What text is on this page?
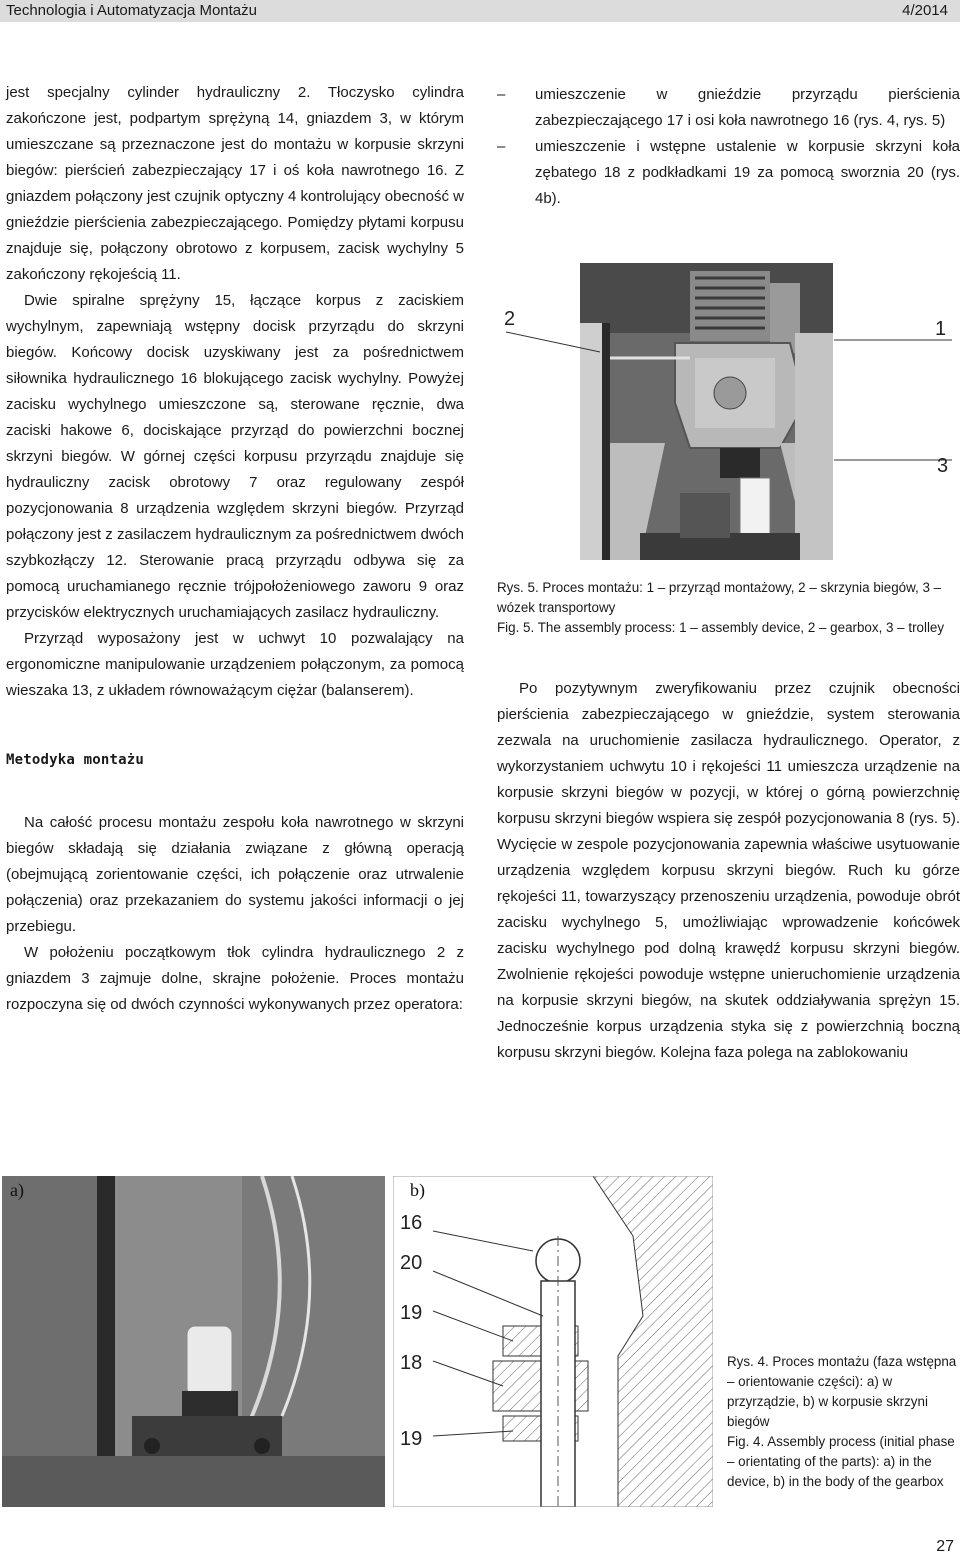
Technologia i Automatyzacja Montażu	4/2014

jest specjalny cylinder hydrauliczny 2. Tłoczysko cylindra zakończone jest, podpartym sprężyną 14, gniazdem 3, w którym umieszczane są przeznaczone jest do montażu w korpusie skrzyni biegów: pierścień zabezpieczający 17 i oś koła nawrotnego 16. Z gniazdem połączony jest czujnik optyczny 4 kontrolujący obecność w gnieździe pierścienia zabezpieczającego. Pomiędzy płytami korpusu znajduje się, połączony obrotowo z korpusem, zacisk wychylny 5 zakończony rękojeścią 11.

Dwie spiralne sprężyny 15, łączące korpus z zaciskiem wychylnym, zapewniają wstępny docisk przyrządu do skrzyni biegów. Końcowy docisk uzyskiwany jest za pośrednictwem siłownika hydraulicznego 16 blokującego zacisk wychylny. Powyżej zacisku wychylnego umieszczone są, sterowane ręcznie, dwa zaciski hakowe 6, dociskające przyrząd do powierzchni bocznej skrzyni biegów. W górnej części korpusu przyrządu znajduje się hydrauliczny zacisk obrotowy 7 oraz regulowany zespół pozycjonowania 8 urządzenia względem skrzyni biegów. Przyrząd połączony jest z zasilaczem hydraulicznym za pośrednictwem dwóch szybkozłączy 12. Sterowanie pracą przyrządu odbywa się za pomocą uruchamianego ręcznie trójpołożeniowego zaworu 9 oraz przycisków elektrycznych uruchamiających zasilacz hydrauliczny.

Przyrząd wyposażony jest w uchwyt 10 pozwalający na ergonomiczne manipulowanie urządzeniem połączonym, za pomocą wieszaka 13, z układem równoważącym ciężar (balanserem).

Metodyka montażu

Na całość procesu montażu zespołu koła nawrotnego w skrzyni biegów składają się działania związane z główną operacją (obejmującą zorientowanie części, ich połączenie oraz utrwalenie połączenia) oraz przekazaniem do systemu jakości informacji o jej przebiegu.

W położeniu początkowym tłok cylindra hydraulicznego 2 z gniazdem 3 zajmuje dolne, skrajne położenie. Proces montażu rozpoczyna się od dwóch czynności wykonywanych przez operatora:

– umieszczenie w gnieździe przyrządu pierścienia zabezpieczającego 17 i osi koła nawrotnego 16 (rys. 4, rys. 5)
– umieszczenie i wstępne ustalenie w korpusie skrzyni koła zębatego 18 z podkładkami 19 za pomocą sworznia 20 (rys. 4b).
2	1
3
Rys. 5. Proces montażu: 1 – przyrząd montażowy, 2 – skrzynia biegów, 3 – wózek transportowy
Fig. 5. The assembly process: 1 – assembly device, 2 – gearbox, 3 – trolley

Po pozytywnym zweryfikowaniu przez czujnik obecności pierścienia zabezpieczającego w gnieździe, system sterowania zezwala na uruchomienie zasilacza hydraulicznego. Operator, z wykorzystaniem uchwytu 10 i rękojeści 11 umieszcza urządzenie na korpusie skrzyni biegów w pozycji, w której o górną powierzchnię korpusu skrzyni biegów wspiera się zespół pozycjonowania 8 (rys. 5). Wycięcie w zespole pozycjonowania zapewnia właściwe usytuowanie urządzenia względem korpusu skrzyni biegów. Ruch ku górze rękojeści 11, towarzyszący przenoszeniu urządzenia, powoduje obrót zacisku wychylnego 5, umożliwiając wprowadzenie końcówek zacisku wychylnego pod dolną krawędź korpusu skrzyni biegów. Zwolnienie rękojeści powoduje wstępne unieruchomienie urządzenia na korpusie skrzyni biegów, na skutek oddziaływania sprężyn 15. Jednocześnie korpus urządzenia styka się z powierzchnią boczną korpusu skrzyni biegów. Kolejna faza polega na zablokowaniu

a)	b)
16
20
19
18
19
Rys. 4. Proces montażu (faza wstępna – orientowanie części): a) w przyrządzie, b) w korpusie skrzyni biegów
Fig. 4. Assembly process (initial phase – orientating of the parts): a) in the device, b) in the body of the gearbox
27
